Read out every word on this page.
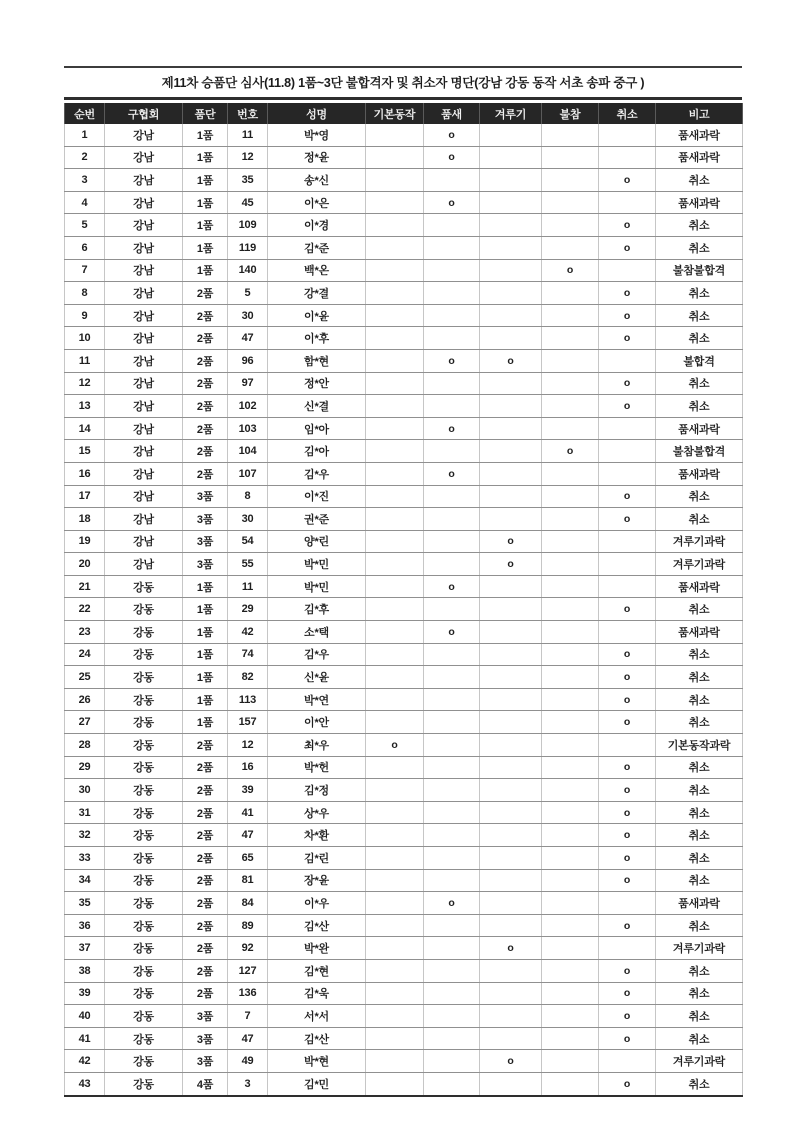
제11차 승품단 심사(11.8) 1품~3단 불합격자 및 취소자 명단(강남 강동 동작 서초 송파 중구 )
순번	구협회	품단	번호	성명	기본동작	품새	겨루기	불참	취소	비고
1	강남	1품	11	박*영		o				품새과락
2	강남	1품	12	정*윤		o				품새과락
3	강남	1품	35	송*신					o	취소
4	강남	1품	45	이*은		o				품새과락
5	강남	1품	109	이*경					o	취소
6	강남	1품	119	김*준					o	취소
7	강남	1품	140	백*온				o		불참불합격
8	강남	2품	5	강*결					o	취소
9	강남	2품	30	이*윤					o	취소
10	강남	2품	47	이*후					o	취소
11	강남	2품	96	함*현		o	o			불합격
12	강남	2품	97	정*안					o	취소
13	강남	2품	102	신*결					o	취소
14	강남	2품	103	임*아		o				품새과락
15	강남	2품	104	김*아				o		불참불합격
16	강남	2품	107	김*우		o				품새과락
17	강남	3품	8	이*진					o	취소
18	강남	3품	30	권*준					o	취소
19	강남	3품	54	양*린			o			겨루기과락
20	강남	3품	55	박*민			o			겨루기과락
21	강동	1품	11	박*민		o				품새과락
22	강동	1품	29	김*후					o	취소
23	강동	1품	42	소*택		o				품새과락
24	강동	1품	74	김*우					o	취소
25	강동	1품	82	신*윤					o	취소
26	강동	1품	113	박*연					o	취소
27	강동	1품	157	이*안					o	취소
28	강동	2품	12	최*우	o					기본동작과락
29	강동	2품	16	박*헌					o	취소
30	강동	2품	39	김*정					o	취소
31	강동	2품	41	상*우					o	취소
32	강동	2품	47	차*환					o	취소
33	강동	2품	65	김*린					o	취소
34	강동	2품	81	장*윤					o	취소
35	강동	2품	84	이*우		o				품새과락
36	강동	2품	89	김*산					o	취소
37	강동	2품	92	박*완			o			겨루기과락
38	강동	2품	127	김*현					o	취소
39	강동	2품	136	김*욱					o	취소
40	강동	3품	7	서*서					o	취소
41	강동	3품	47	김*산					o	취소
42	강동	3품	49	박*현			o			겨루기과락
43	강동	4품	3	김*민					o	취소
